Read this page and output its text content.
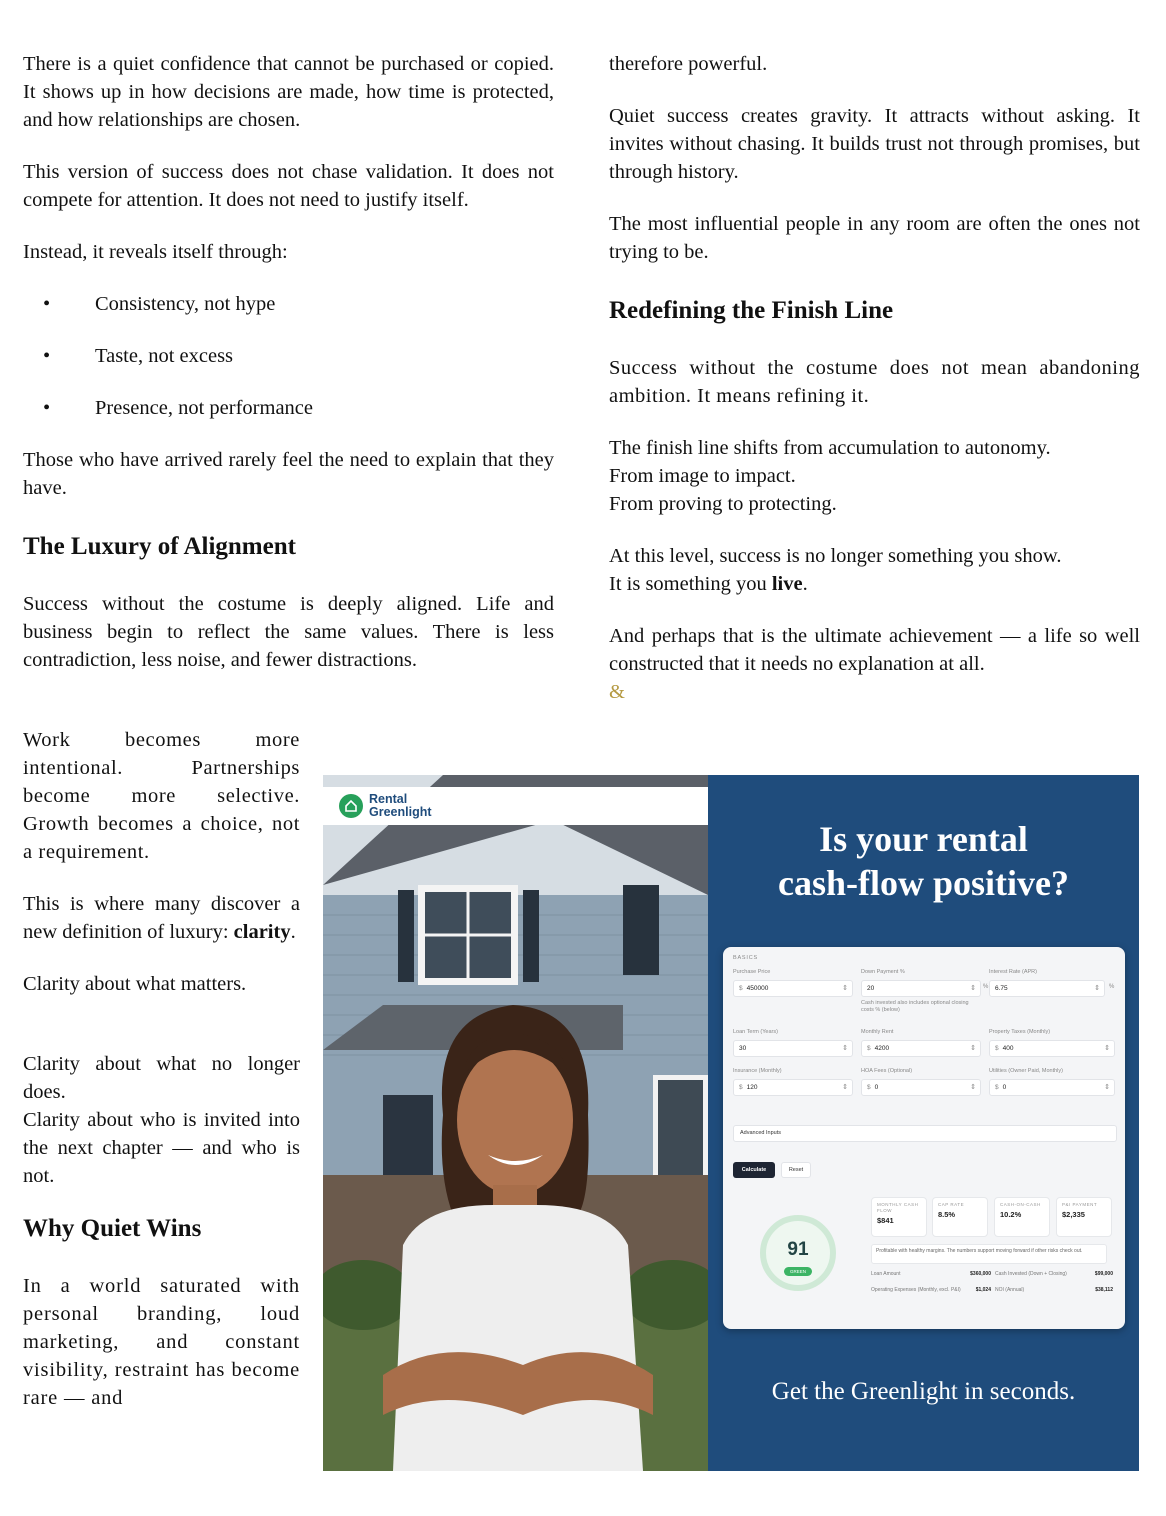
There is a quiet confidence that cannot be purchased or copied. It shows up in how decisions are made, how time is protected, and how relationships are chosen.

This version of success does not chase validation. It does not compete for attention. It does not need to justify itself.

Instead, it reveals itself through:

• Consistency, not hype
• Taste, not excess
• Presence, not performance

Those who have arrived rarely feel the need to explain that they have.

The Luxury of Alignment

Success without the costume is deeply aligned. Life and business begin to reflect the same values. There is less contradiction, less noise, and fewer distractions.

Work becomes more intentional. Partnerships become more selective. Growth becomes a choice, not a requirement.

This is where many discover a new definition of luxury: clarity.

Clarity about what matters.

Clarity about what no longer does.
Clarity about who is invited into the next chapter — and who is not.

Why Quiet Wins

In a world saturated with personal branding, loud marketing, and constant visibility, restraint has become rare — and

therefore powerful.

Quiet success creates gravity. It attracts without asking. It invites without chasing. It builds trust not through promises, but through history.

The most influential people in any room are often the ones not trying to be.

Redefining the Finish Line

Success without the costume does not mean abandoning ambition. It means refining it.

The finish line shifts from accumulation to autonomy.
From image to impact.
From proving to protecting.

At this level, success is no longer something you show.
It is something you live.

And perhaps that is the ultimate achievement — a life so well constructed that it needs no explanation at all.

&
Rental
Greenlight
Is your rental
cash-flow positive?
BASICS
Purchase Price
$ 450000	⇕
Down Payment %
20	⇕ %
Cash invested also includes optional closing costs % (below)
Interest Rate (APR)
6.75	⇕ %
Loan Term (Years)
30	⇕
Monthly Rent
$ 4200	⇕
Property Taxes (Monthly)
$ 400	⇕
Insurance (Monthly)
$ 120	⇕
HOA Fees (Optional)
$ 0	⇕
Utilities (Owner Paid, Monthly)
$ 0	⇕
Advanced Inputs
Calculate	Reset
91
GREEN
MONTHLY CASH FLOW
$841
CAP RATE
8.5%
CASH-ON-CASH
10.2%
P&I PAYMENT
$2,335
Profitable with healthy margins. The numbers support moving forward if other risks check out.
Loan Amount	$360,000 Cash Invested (Down + Closing)	$99,000
Operating Expenses (Monthly, excl. P&I)	$1,024 NOI (Annual)	$38,112
Get the Greenlight in seconds.
